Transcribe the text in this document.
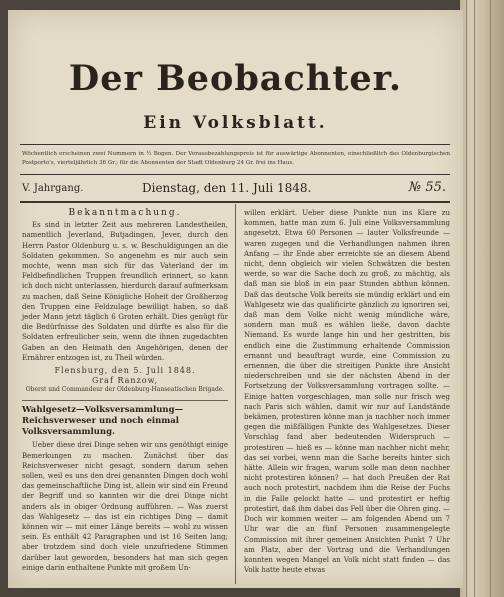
Der Beobachter.
Ein Volksblatt.
Wöchentlich erscheinen zwei Nummern in ½ Bogen. Der Vorausbezahlungspreis ist für auswärtige Abonnenten, einschließlich des Oldenburgischen Postporto's, vierteljährlich 36 Gr.; für die Abonnenten der Stadt Oldenburg 24 Gr. frei ins Haus.
V. Jahrgang.	Dienstag, den 11. Juli 1848.	№ 55.

Bekanntmachung.

Es sind in letzter Zeit aus mehreren Landestheilen, namentlich Jeverland, Butjadingen, Jever, durch den Herrn Pastor Oldenburg u. s. w. Beschuldigungen an die Soldaten gekommen. So angenehm es mir auch sein mochte, wenn man sich für das Vaterland der im Feldbefindlichen Truppen freundlich erinnert, so kann ich doch nicht unterlassen, hierdurch darauf aufmerksam zu machen, daß Seine Königliche Hoheit der Großherzog den Truppen eine Feldzulage bewilligt haben, so daß jeder Mann jetzt täglich 6 Groten erhält. Dies genügt für die Bedürfnisse des Soldaten und dürfte es also für die Soldaten erfreulicher sein, wenn die ihnen zugedachten Gaben an den Heimath den Angehörigen, denen der Ernährer entzogen ist, zu Theil würden.

Flensburg, den 5. Juli 1848.

Graf Ranzow,

Oberst und Commandeur der Oldenburg-Hanseatischen Brigade.

Wahlgesetz—Volksversammlung—Reichsverweser und noch einmal Volksversammlung.

Ueber diese drei Dinge sehen wir uns genöthigt einige Bemerkungen zu machen. Zunächst über das Reichsverweser nicht gesagt, sondern darum sehen sollen, weil es uns den drei genannten Dingen doch wohl das gemeinschaftliche Ding ist, allein wir sind ein Freund der Begriff und so kannten wir die drei Dinge nicht anders als in obiger Ordnung aufführen. — Was zuerst das Wahlgesetz — das ist ein richtiges Ding — damit können wir — mit einer Länge bereits — wohl zu wissen sein. Es enthält 42 Paragraphen und ist 16 Seiten lang; aber trotzdem sind doch viele unzufriedene Stimmen darüber laut geworden, besonders hat man sich gegen einige darin enthaltene Punkte mit großem Un-

willen erklärt. Ueber diese Punkte nun ins Klare zu kommen, hatte man zum 6. Juli eine Volksversammlung angesetzt. Etwa 60 Personen — lauter Volksfreunde — waren zugegen und die Verhandlungen nahmen ihren Anfang — ihr Ende aber erreichte sie an diesem Abend nicht, denn obgleich wir vielen Schwätzen die besten werde, so war die Sache doch zu groß, zu mächtig, als daß man sie bloß in ein paar Stunden abthun können. Daß das deutsche Volk bereits sie mündig erklärt und ein Wahlgesetz wie das qualificirte gänzlich zu ignoriren sei, daß man dem Volke nicht wenig mündliche wäre, sondern man muß es wählen ließe, davon dachte Niemand. Es wurde lange hin und her gestritten, bis endlich eine die Zustimmung erhaltende Commission ernannt und beauftragt wurde, eine Commission zu ernennen, die über die streitigen Punkte ihre Ansicht niederschreiben und sie der nächsten Abend in der Fortsetzung der Volksversammlung vortragen sollte. — Einige hatten vorgeschlagen, man solle nur frisch weg nach Paris sich wählen, damit wir nur auf Landstände bekämen, protestiren könne man ja nachher noch immer gegen die mißfälligen Punkte des Wahlgesetzes. Dieser Vorschlag fand aber bedeutenden Widerspruch — protestiren — hieß es — könne man nachher nicht mehr, das sei vorbei, wenn man die Sache bereits hinter sich hätte. Allein wir fragen, warum solle man denn nachher nicht protestiren können? — hat doch Preußen der Rat auch noch protestirt, nachdem ihm die Reise der Fuchs in die Falle gelockt hatte — und protestirt er heftig protestirt, daß ihm dabei das Fell über die Ohren ging. — Doch wir kommen weiter — am folgenden Abend um 7 Uhr war die an fünf Personen zusammengelegte Commission mit ihrer gemeinen Ansichten Punkt 7 Uhr am Platz, aber der Vortrag und die Verhandlungen konnten wegen Mangel an Volk nicht statt finden — das Volk hatte heute etwas
